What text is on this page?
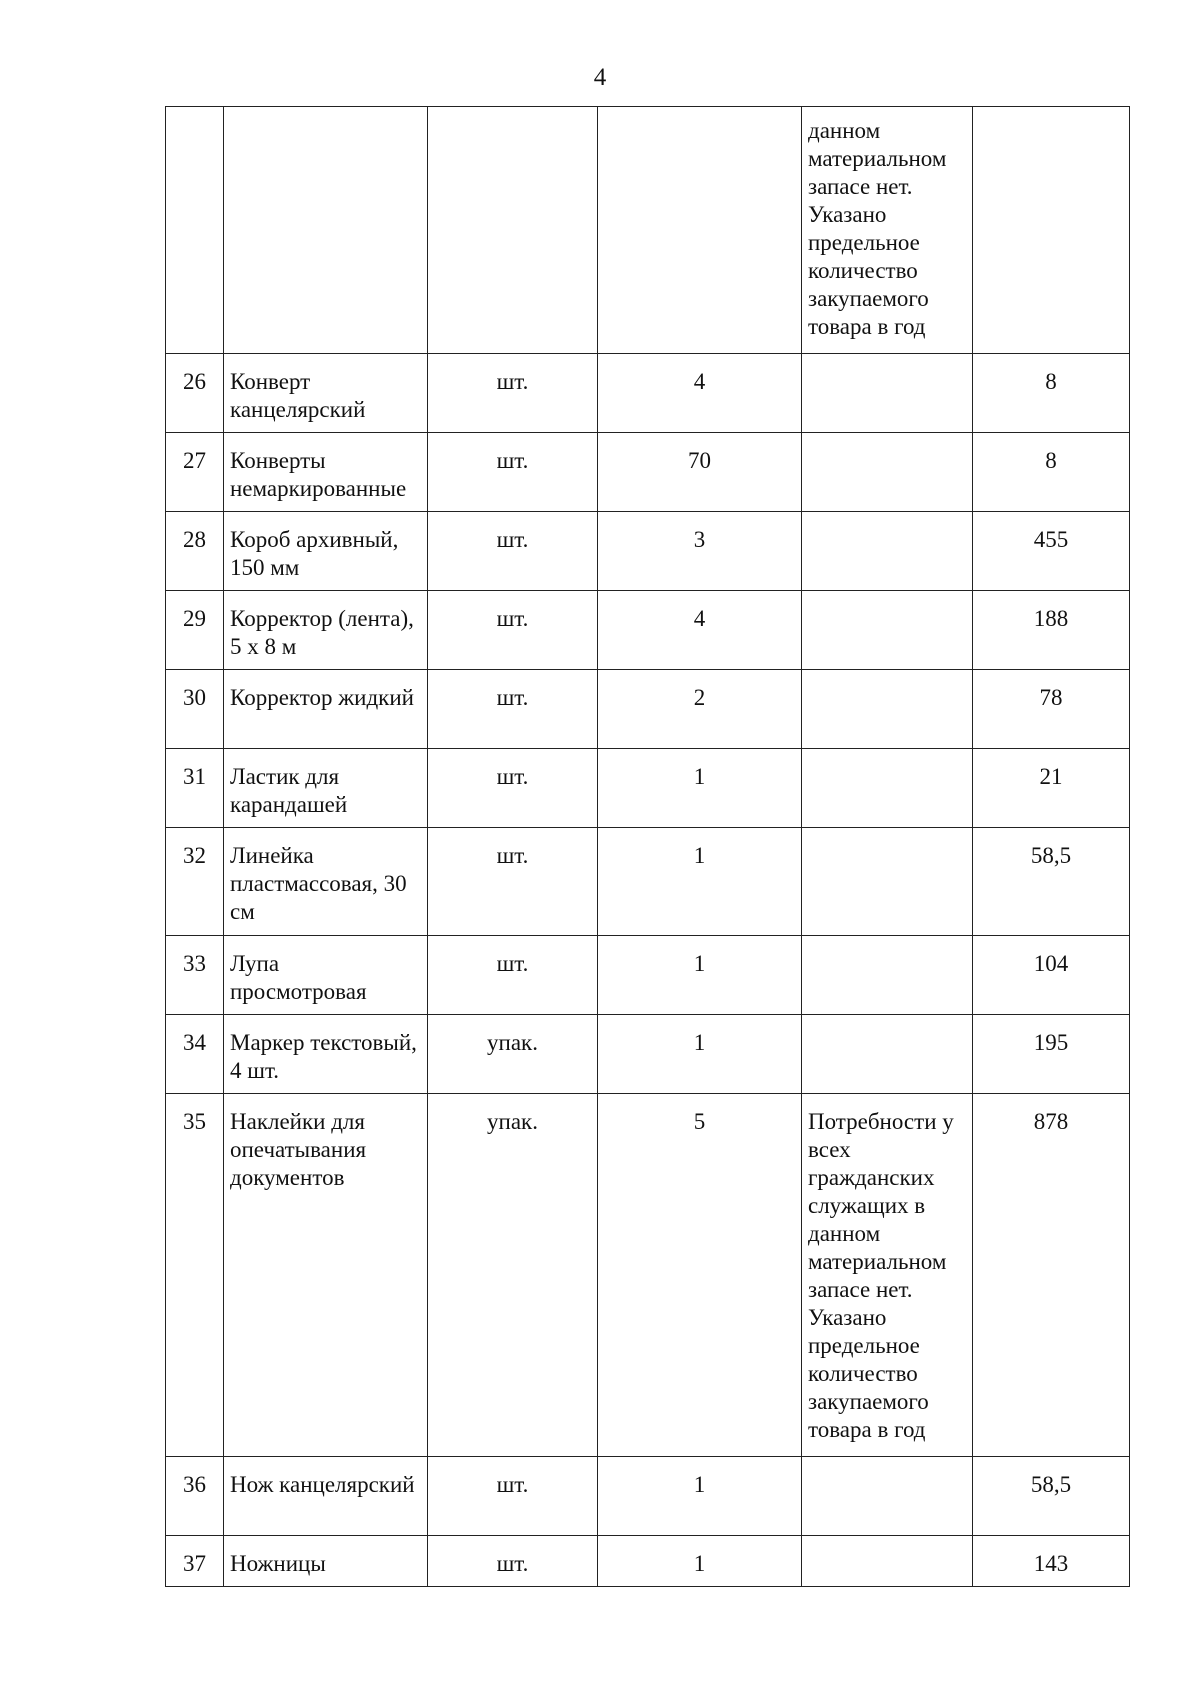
4
				данном материальном запасе нет. Указано предельное количество закупаемого товара в год	
26	Конверт канцелярский	шт.	4		8
27	Конверты немаркированные	шт.	70		8
28	Короб архивный, 150 мм	шт.	3		455
29	Корректор (лента), 5 х 8 м	шт.	4		188
30	Корректор жидкий	шт.	2		78
31	Ластик для карандашей	шт.	1		21
32	Линейка пластмассовая, 30 см	шт.	1		58,5
33	Лупа просмотровая	шт.	1		104
34	Маркер текстовый, 4 шт.	упак.	1		195
35	Наклейки для опечатывания документов	упак.	5	Потребности у всех гражданских служащих в данном материальном запасе нет. Указано предельное количество закупаемого товара в год	878
36	Нож канцелярский	шт.	1		58,5
37	Ножницы	шт.	1		143
